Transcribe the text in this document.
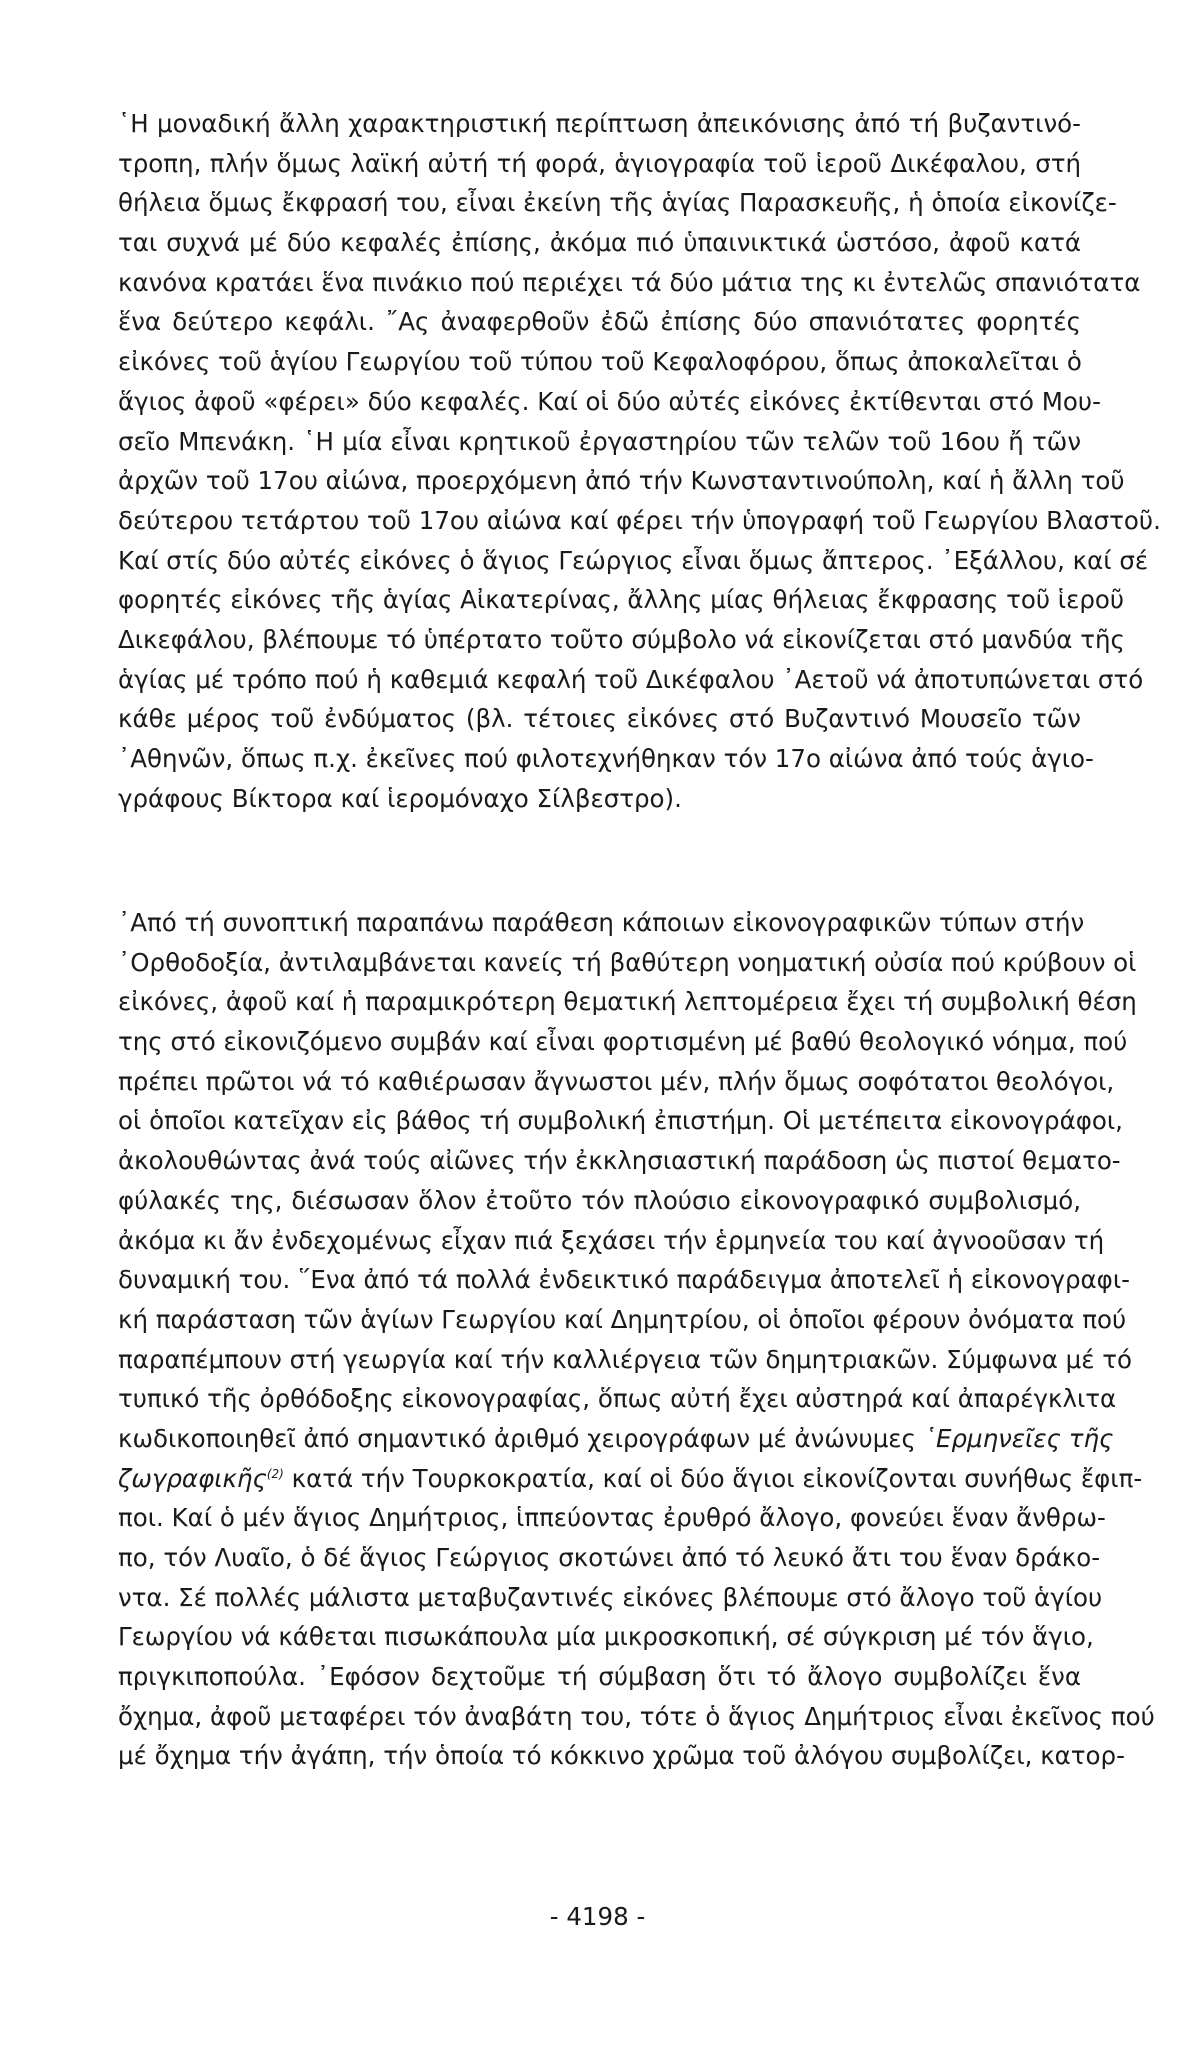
῾Η μοναδική ἄλλη χαρακτηριστική περίπτωση ἀπεικόνισης ἀπό τή βυζαντινό-
τροπη, πλήν ὅμως λαϊκή αὐτή τή φορά, ἁγιογραφία τοῦ ἱεροῦ Δικέφαλου, στή
θήλεια ὅμως ἔκφρασή του, εἶναι ἐκείνη τῆς ἁγίας Παρασκευῆς, ἡ ὁποία εἰκονίζε-
ται συχνά μέ δύο κεφαλές ἐπίσης, ἀκόμα πιό ὑπαινικτικά ὡστόσο, ἀφοῦ κατά
κανόνα κρατάει ἕνα πινάκιο πού περιέχει τά δύο μάτια της κι ἐντελῶς σπανιότατα
ἕνα δεύτερο κεφάλι. ῎Ας ἀναφερθοῦν ἐδῶ ἐπίσης δύο σπανιότατες φορητές
εἰκόνες τοῦ ἁγίου Γεωργίου τοῦ τύπου τοῦ Κεφαλοφόρου, ὅπως ἀποκαλεῖται ὁ
ἅγιος ἀφοῦ «φέρει» δύο κεφαλές. Καί οἱ δύο αὐτές εἰκόνες ἐκτίθενται στό Μου-
σεῖο Μπενάκη. ῾Η μία εἶναι κρητικοῦ ἐργαστηρίου τῶν τελῶν τοῦ 16ου ἤ τῶν
ἀρχῶν τοῦ 17ου αἰώνα, προερχόμενη ἀπό τήν Κωνσταντινούπολη, καί ἡ ἄλλη τοῦ
δεύτερου τετάρτου τοῦ 17ου αἰώνα καί φέρει τήν ὑπογραφή τοῦ Γεωργίου Βλαστοῦ.
Καί στίς δύο αὐτές εἰκόνες ὁ ἅγιος Γεώργιος εἶναι ὅμως ἄπτερος. ᾿Εξάλλου, καί σέ
φορητές εἰκόνες τῆς ἁγίας Αἰκατερίνας, ἄλλης μίας θήλειας ἔκφρασης τοῦ ἱεροῦ
Δικεφάλου, βλέπουμε τό ὑπέρτατο τοῦτο σύμβολο νά εἰκονίζεται στό μανδύα τῆς
ἁγίας μέ τρόπο πού ἡ καθεμιά κεφαλή τοῦ Δικέφαλου ᾿Αετοῦ νά ἀποτυπώνεται στό
κάθε μέρος τοῦ ἐνδύματος (βλ. τέτοιες εἰκόνες στό Βυζαντινό Μουσεῖο τῶν
᾿Αθηνῶν, ὅπως π.χ. ἐκεῖνες πού φιλοτεχνήθηκαν τόν 17ο αἰώνα ἀπό τούς ἁγιο-
γράφους Βίκτορα καί ἱερομόναχο Σίλβεστρο).
᾿Από τή συνοπτική παραπάνω παράθεση κάποιων εἰκονογραφικῶν τύπων στήν
᾿Ορθοδοξία, ἀντιλαμβάνεται κανείς τή βαθύτερη νοηματική οὐσία πού κρύβουν οἱ
εἰκόνες, ἀφοῦ καί ἡ παραμικρότερη θεματική λεπτομέρεια ἔχει τή συμβολική θέση
της στό εἰκονιζόμενο συμβάν καί εἶναι φορτισμένη μέ βαθύ θεολογικό νόημα, πού
πρέπει πρῶτοι νά τό καθιέρωσαν ἄγνωστοι μέν, πλήν ὅμως σοφότατοι θεολόγοι,
οἱ ὁποῖοι κατεῖχαν εἰς βάθος τή συμβολική ἐπιστήμη. Οἱ μετέπειτα εἰκονογράφοι,
ἀκολουθώντας ἀνά τούς αἰῶνες τήν ἐκκλησιαστική παράδοση ὡς πιστοί θεματο-
φύλακές της, διέσωσαν ὅλον ἐτοῦτο τόν πλούσιο εἰκονογραφικό συμβολισμό,
ἀκόμα κι ἄν ἐνδεχομένως εἶχαν πιά ξεχάσει τήν ἑρμηνεία του καί ἀγνοοῦσαν τή
δυναμική του. ῞Ενα ἀπό τά πολλά ἐνδεικτικό παράδειγμα ἀποτελεῖ ἡ εἰκονογραφι-
κή παράσταση τῶν ἁγίων Γεωργίου καί Δημητρίου, οἱ ὁποῖοι φέρουν ὀνόματα πού
παραπέμπουν στή γεωργία καί τήν καλλιέργεια τῶν δημητριακῶν. Σύμφωνα μέ τό
τυπικό τῆς ὀρθόδοξης εἰκονογραφίας, ὅπως αὐτή ἔχει αὐστηρά καί ἀπαρέγκλιτα
κωδικοποιηθεῖ ἀπό σημαντικό ἀριθμό χειρογράφων μέ ἀνώνυμες ῾Ερμηνεῖες τῆς
ζωγραφικῆς$^{(2)}$ κατά τήν Τουρκοκρατία, καί οἱ δύο ἅγιοι εἰκονίζονται συνήθως ἔφιπ-
ποι. Καί ὁ μέν ἅγιος Δημήτριος, ἱππεύοντας ἐρυθρό ἄλογο, φονεύει ἕναν ἄνθρω-
πο, τόν Λυαῖο, ὁ δέ ἅγιος Γεώργιος σκοτώνει ἀπό τό λευκό ἄτι του ἕναν δράκο-
ντα. Σέ πολλές μάλιστα μεταβυζαντινές εἰκόνες βλέπουμε στό ἄλογο τοῦ ἁγίου
Γεωργίου νά κάθεται πισωκάπουλα μία μικροσκοπική, σέ σύγκριση μέ τόν ἅγιο,
πριγκιποπούλα. ᾿Εφόσον δεχτοῦμε τή σύμβαση ὅτι τό ἄλογο συμβολίζει ἕνα
ὄχημα, ἀφοῦ μεταφέρει τόν ἀναβάτη του, τότε ὁ ἅγιος Δημήτριος εἶναι ἐκεῖνος πού
μέ ὄχημα τήν ἀγάπη, τήν ὁποία τό κόκκινο χρῶμα τοῦ ἀλόγου συμβολίζει, κατορ-
- 4198 -
